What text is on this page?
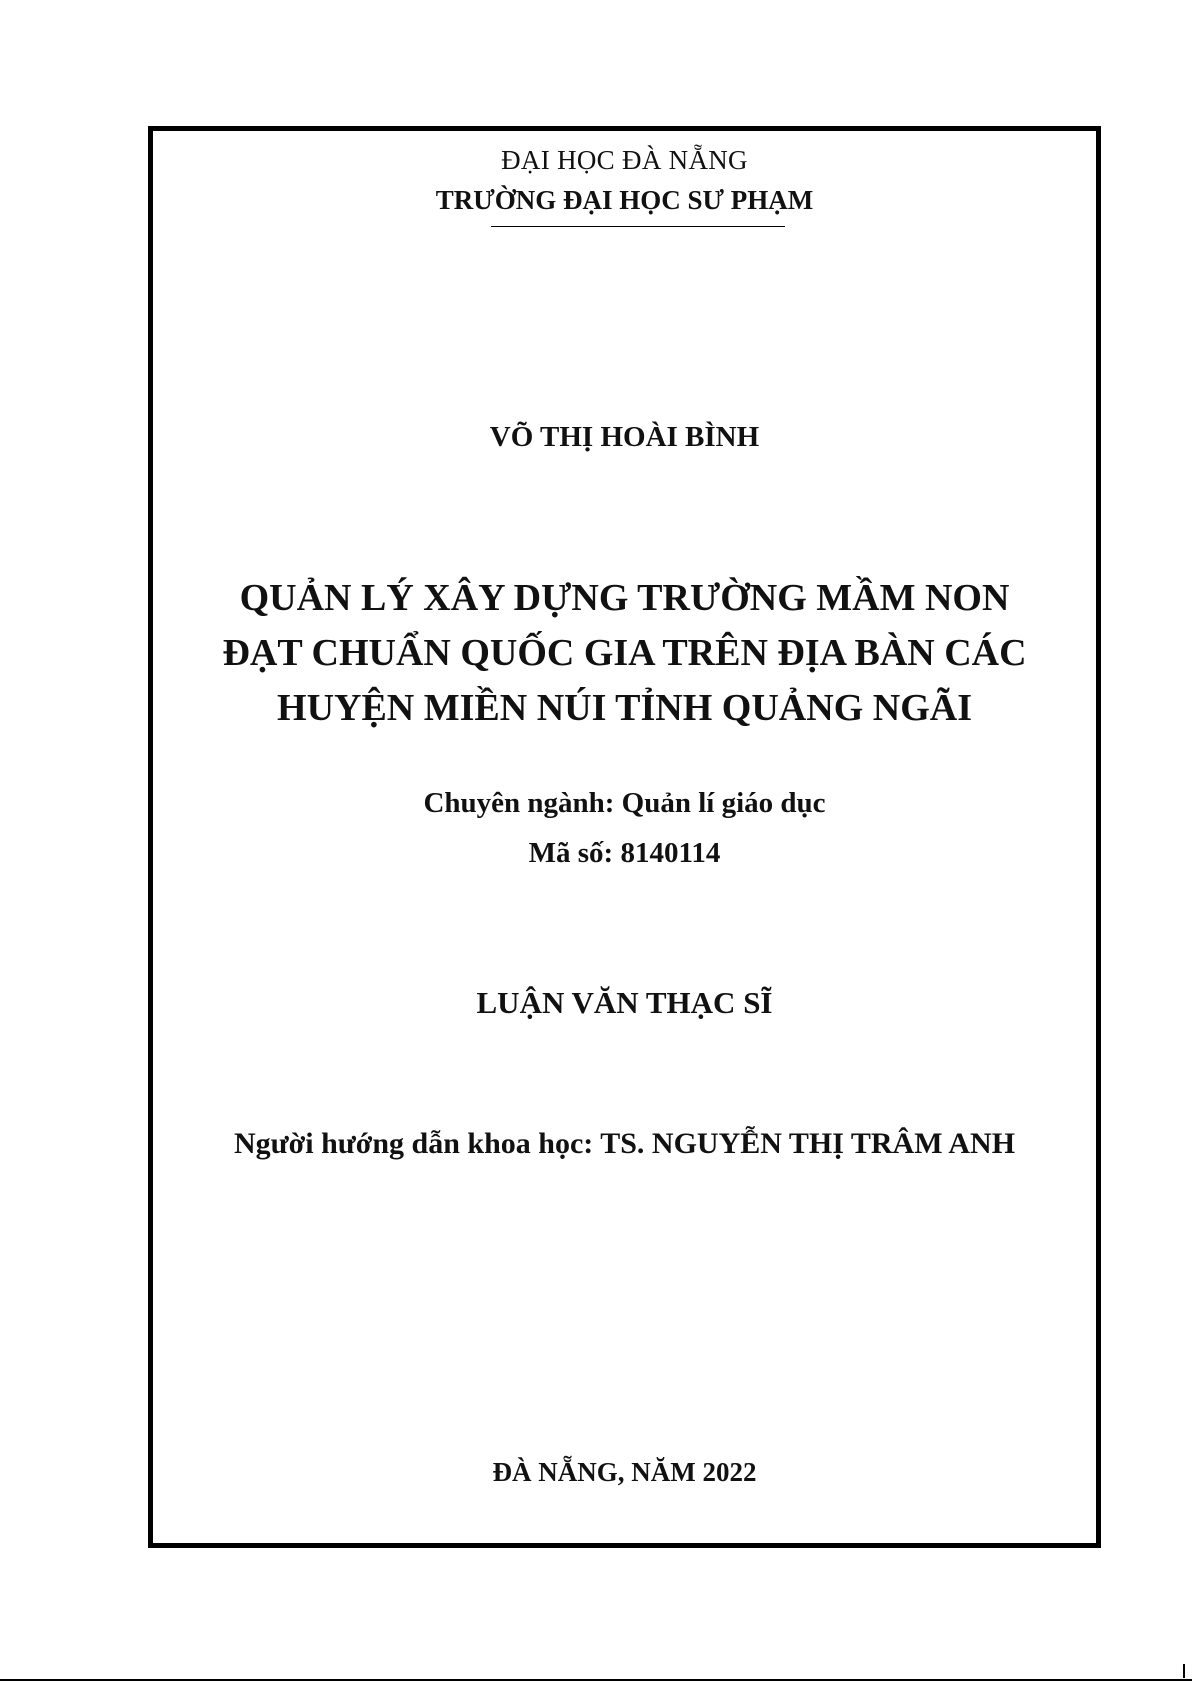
ĐẠI HỌC ĐÀ NẴNG
TRƯỜNG ĐẠI HỌC SƯ PHẠM
VÕ THỊ HOÀI BÌNH
QUẢN LÝ XÂY DỰNG TRƯỜNG MẦM NON
ĐẠT CHUẨN QUỐC GIA TRÊN ĐỊA BÀN CÁC
HUYỆN MIỀN NÚI TỈNH QUẢNG NGÃI
Chuyên ngành: Quản lí giáo dục
Mã số: 8140114
LUẬN VĂN THẠC SĨ
Người hướng dẫn khoa học: TS. NGUYỄN THỊ TRÂM ANH
ĐÀ NẴNG, NĂM 2022
